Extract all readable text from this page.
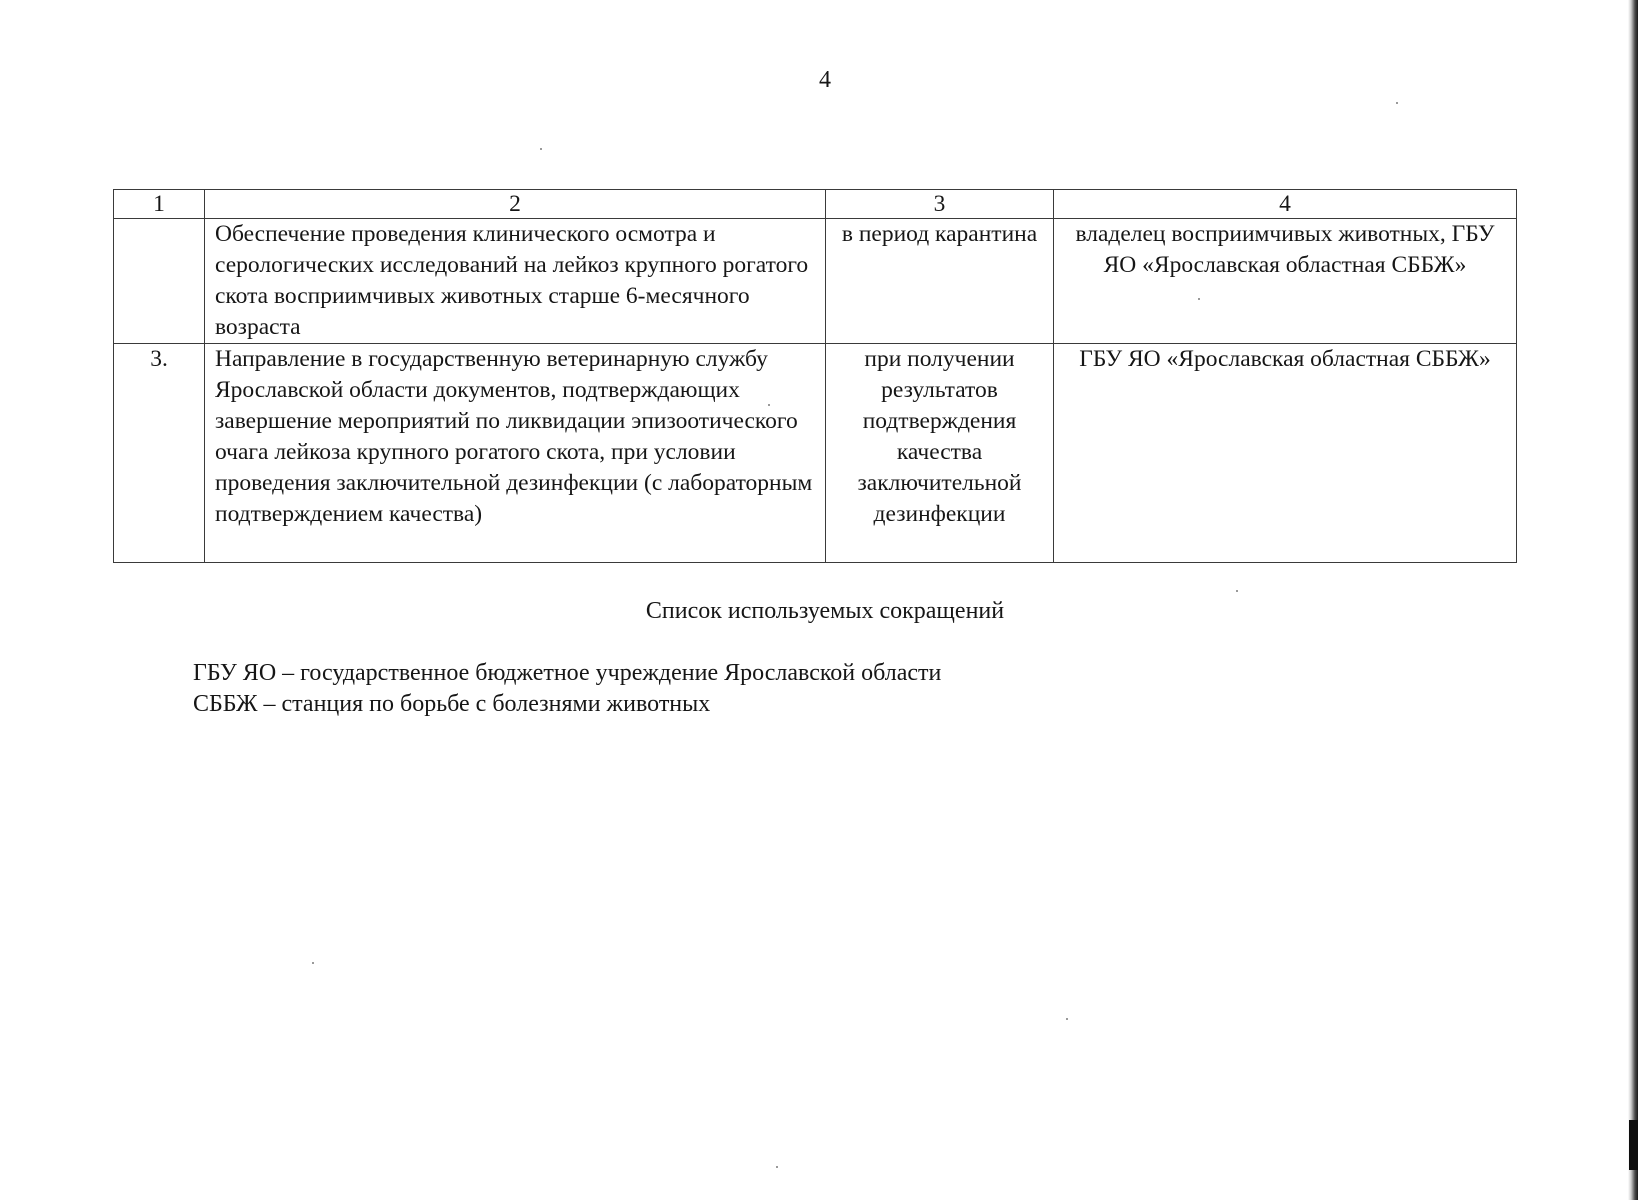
4
1	2	3	4
	Обеспечение проведения клинического осмотра и серологических исследований на лейкоз крупного рогатого скота восприимчивых животных старше 6-месячного возраста	в период карантина	владелец восприимчивых животных, ГБУ ЯО «Ярославская областная СББЖ»
3.	Направление в государственную ветеринарную службу Ярославской области документов, подтверждающих завершение мероприятий по ликвидации эпизоотического очага лейкоза крупного рогатого скота, при условии проведения заключительной дезинфекции (с лабораторным подтверждением качества)	при получении результатов подтверждения качества заключительной дезинфекции	ГБУ ЯО «Ярославская областная СББЖ»
Список используемых сокращений
ГБУ ЯО – государственное бюджетное учреждение Ярославской области
СББЖ – станция по борьбе с болезнями животных
